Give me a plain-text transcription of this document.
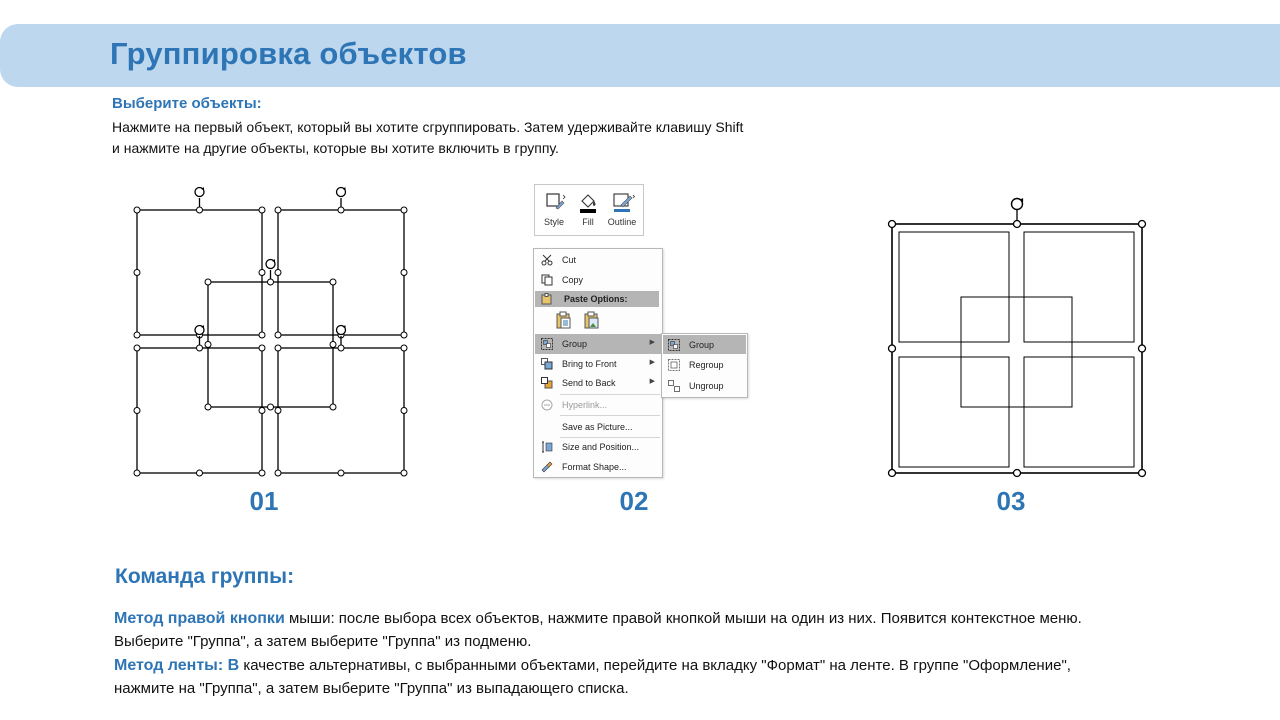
Группировка объектов
Выберите объекты:
Нажмите на первый объект, который вы хотите сгруппировать. Затем удерживайте клавишу Shift и нажмите на другие объекты, которые вы хотите включить в группу.
Style	Fill	Outline
Cut
Copy
Paste Options:

Group	▶
Bring to Front	▶
Send to Back	▶
Hyperlink...
Save as Picture...
Size and Position...
Format Shape...
Group
Regroup
Ungroup
01	02	03
Команда группы:
Метод правой кнопки мыши: после выбора всех объектов, нажмите правой кнопкой мыши на один из них. Появится контекстное меню. Выберите "Группа", а затем выберите "Группа" из подменю.
Метод ленты: В качестве альтернативы, с выбранными объектами, перейдите на вкладку "Формат" на ленте. В группе "Оформление", нажмите на "Группа", а затем выберите "Группа" из выпадающего списка.
